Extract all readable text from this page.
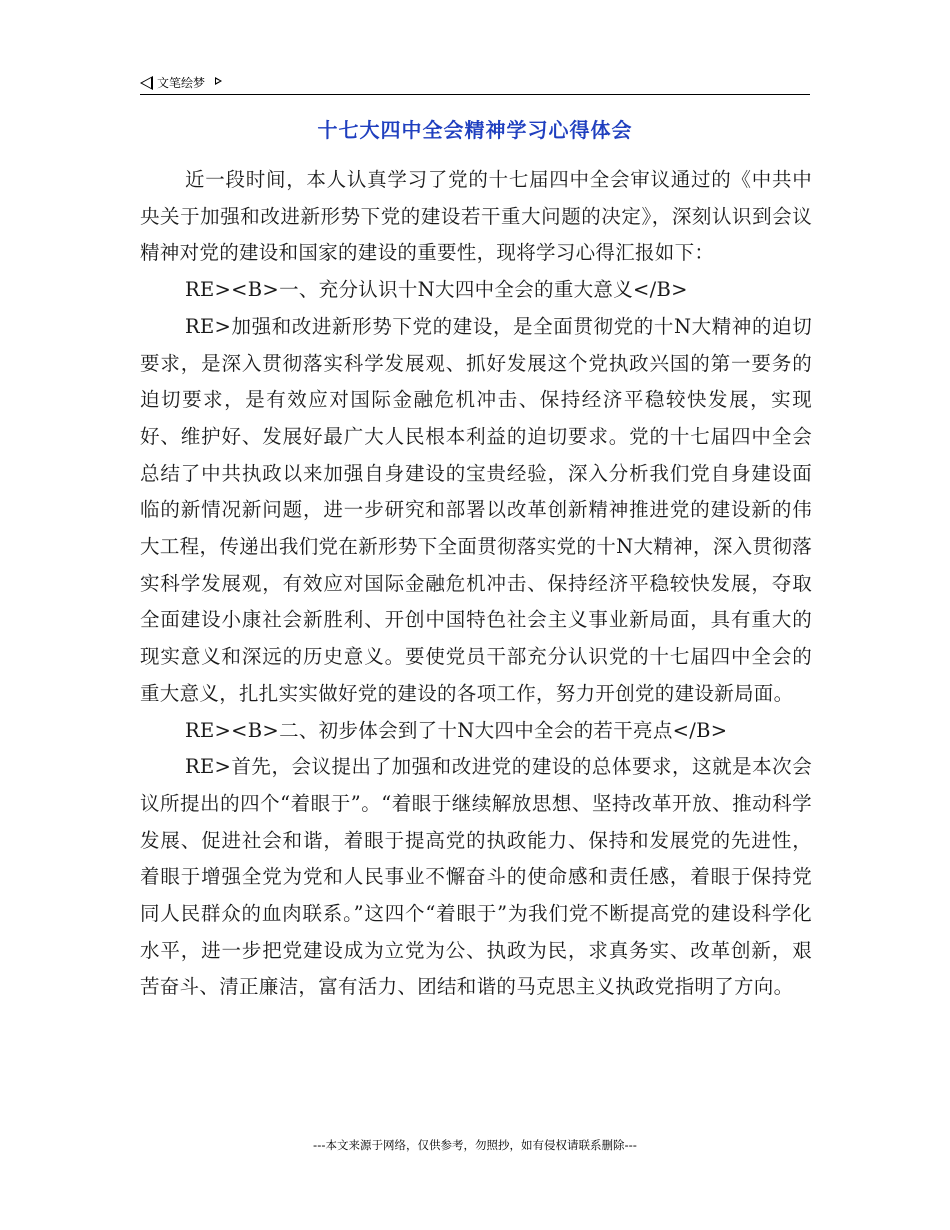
文笔绘梦
十七大四中全会精神学习心得体会

近一段时间，本人认真学习了党的十七届四中全会审议通过的《中共中央关于加强和改进新形势下党的建设若干重大问题的决定》，深刻认识到会议精神对党的建设和国家的建设的重要性，现将学习心得汇报如下：

RE><B>一、充分认识十N大四中全会的重大意义</B>

RE>加强和改进新形势下党的建设，是全面贯彻党的十N大精神的迫切要求，是深入贯彻落实科学发展观、抓好发展这个党执政兴国的第一要务的迫切要求，是有效应对国际金融危机冲击、保持经济平稳较快发展，实现好、维护好、发展好最广大人民根本利益的迫切要求。党的十七届四中全会总结了中共执政以来加强自身建设的宝贵经验，深入分析我们党自身建设面临的新情况新问题，进一步研究和部署以改革创新精神推进党的建设新的伟大工程，传递出我们党在新形势下全面贯彻落实党的十N大精神，深入贯彻落实科学发展观，有效应对国际金融危机冲击、保持经济平稳较快发展，夺取全面建设小康社会新胜利、开创中国特色社会主义事业新局面，具有重大的现实意义和深远的历史意义。要使党员干部充分认识党的十七届四中全会的重大意义，扎扎实实做好党的建设的各项工作，努力开创党的建设新局面。

RE><B>二、初步体会到了十N大四中全会的若干亮点</B>

RE>首先，会议提出了加强和改进党的建设的总体要求，这就是本次会议所提出的四个“着眼于”。“着眼于继续解放思想、坚持改革开放、推动科学发展、促进社会和谐，着眼于提高党的执政能力、保持和发展党的先进性，着眼于增强全党为党和人民事业不懈奋斗的使命感和责任感，着眼于保持党同人民群众的血肉联系。”这四个“着眼于”为我们党不断提高党的建设科学化水平，进一步把党建设成为立党为公、执政为民，求真务实、改革创新，艰苦奋斗、清正廉洁，富有活力、团结和谐的马克思主义执政党指明了方向。

---本文来源于网络，仅供参考，勿照抄，如有侵权请联系删除---
